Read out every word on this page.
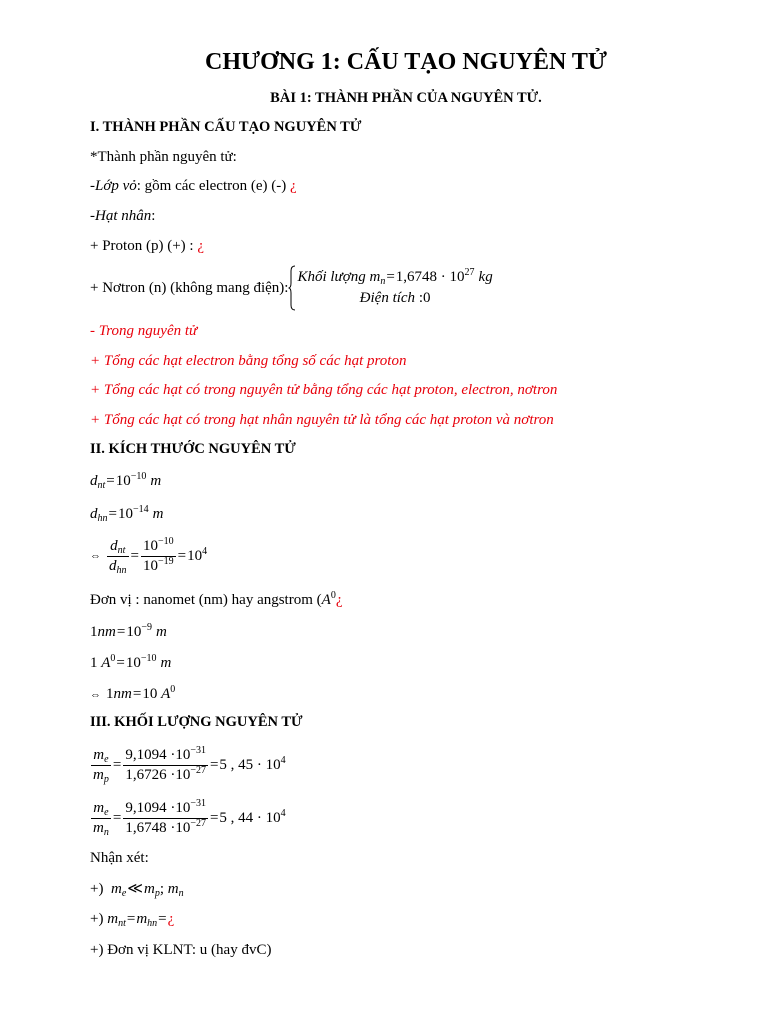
CHƯƠNG 1: CẤU TẠO NGUYÊN TỬ
BÀI 1: THÀNH PHẦN CỦA NGUYÊN TỬ.
I. THÀNH PHẦN CẤU TẠO NGUYÊN TỬ
*Thành phần nguyên tử:
-Lớp vỏ: gồm các electron (e) (-) ¿
-Hạt nhân:
+ Proton (p) (+) : ¿
+ Nơtron (n) (không mang điện):
Khối lượng $m_n=1,6748 \cdot 10^{27}$ kg
Điện tích :0
- Trong nguyên tử
+ Tổng các hạt electron bằng tổng số các hạt proton
+ Tổng các hạt có trong nguyên tử bằng tổng các hạt proton, electron, nơtron
+ Tổng các hạt có trong hạt nhân nguyên tử là tổng các hạt proton và nơtron
II. KÍCH THƯỚC NGUYÊN TỬ
$d_{nt}=10^{-10}$ m
$d_{hn}=10^{-14}$ m
⇔ $\frac{d_{nt}}{d_{hn}} = \frac{10^{-10}}{10^{-19}} = 10^4$
Đơn vị : nanomet (nm) hay angstrom ($A^0¿$
$1nm=10^{-9}$ m
1 $A^0=10^{-10}$ m
⇔ 1nm=10 $A^0$
III. KHỐI LƯỢNG NGUYÊN TỬ
$\frac{m_e}{m_p} = \frac{9,1094 \cdot 10^{-31}}{1,6726 \cdot 10^{-27}} = 5$ , $45 \cdot 10^4$
$\frac{m_e}{m_n} = \frac{9,1094 \cdot 10^{-31}}{1,6748 \cdot 10^{-27}} = 5$ , $44 \cdot 10^4$
Nhận xét:
+)  $m_e≪m_p$; $m_n$
+) $m_{nt}=m_{hn}=¿$
+) Đơn vị KLNT: u (hay đvC)
